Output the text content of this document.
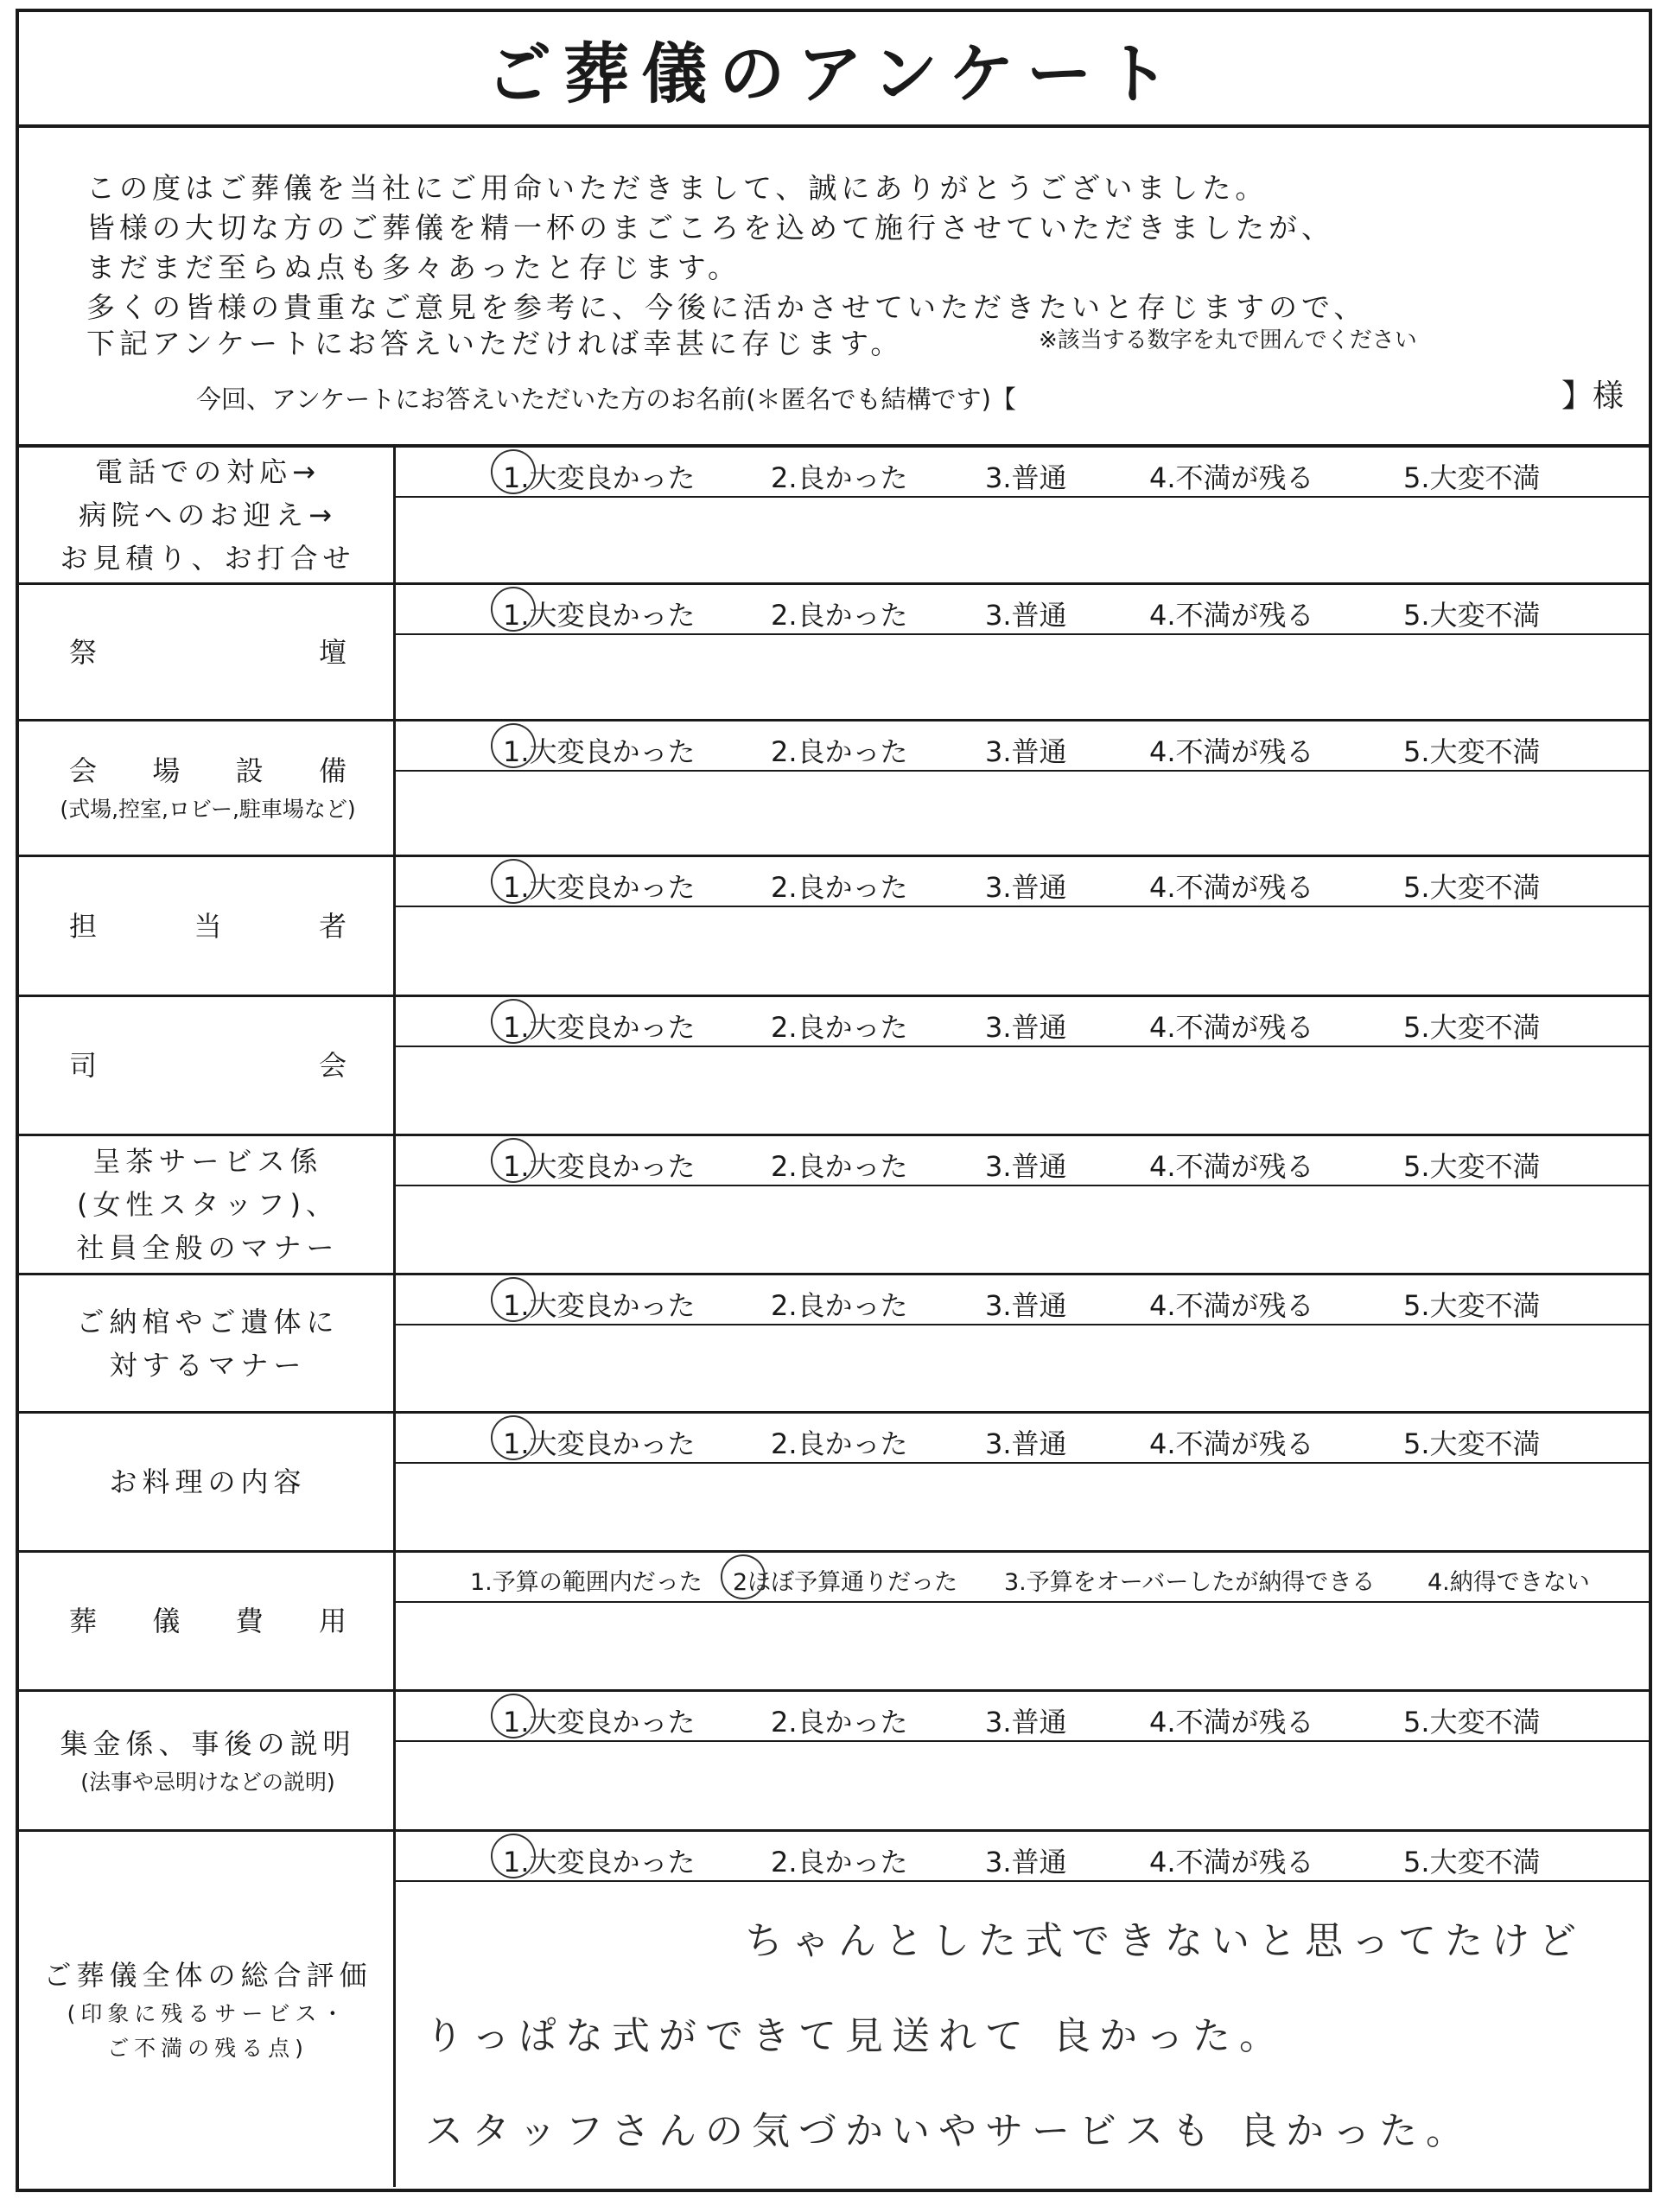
ご葬儀のアンケート
この度はご葬儀を当社にご用命いただきまして、誠にありがとうございました。
皆様の大切な方のご葬儀を精一杯のまごころを込めて施行させていただきましたが、
まだまだ至らぬ点も多々あったと存じます。
多くの皆様の貴重なご意見を参考に、今後に活かさせていただきたいと存じますので、
下記アンケートにお答えいただければ幸甚に存じます。	※該当する数字を丸で囲んでください
今回、アンケートにお答えいただいた方のお名前(＊匿名でも結構です)【	】様
電話での対応→
病院へのお迎え→
お見積り、お打合せ
1.大変良かった	2.良かった	3.普通	4.不満が残る	5.大変不満
祭	壇
1.大変良かった	2.良かった	3.普通	4.不満が残る	5.大変不満
会 場 設 備
(式場,控室,ロビー,駐車場など)
1.大変良かった	2.良かった	3.普通	4.不満が残る	5.大変不満
担	当	者
1.大変良かった	2.良かった	3.普通	4.不満が残る	5.大変不満
司	会
1.大変良かった	2.良かった	3.普通	4.不満が残る	5.大変不満
呈茶サービス係
(女性スタッフ)、
社員全般のマナー
1.大変良かった	2.良かった	3.普通	4.不満が残る	5.大変不満
ご納棺やご遺体に
対するマナー
1.大変良かった	2.良かった	3.普通	4.不満が残る	5.大変不満
お料理の内容
1.大変良かった	2.良かった	3.普通	4.不満が残る	5.大変不満
葬 儀 費 用
1.予算の範囲内だった 2ほぼ予算通りだった 3.予算をオーバーしたが納得できる 4.納得できない
集金係、事後の説明
(法事や忌明けなどの説明)
1.大変良かった	2.良かった	3.普通	4.不満が残る	5.大変不満
ご葬儀全体の総合評価
(印象に残るサービス・
ご不満の残る点)
1.大変良かった	2.良かった	3.普通	4.不満が残る	5.大変不満
ちゃんとした式できないと思ってたけど
りっぱな式ができて見送れて 良かった。
スタッフさんの気づかいやサービスも 良かった。
